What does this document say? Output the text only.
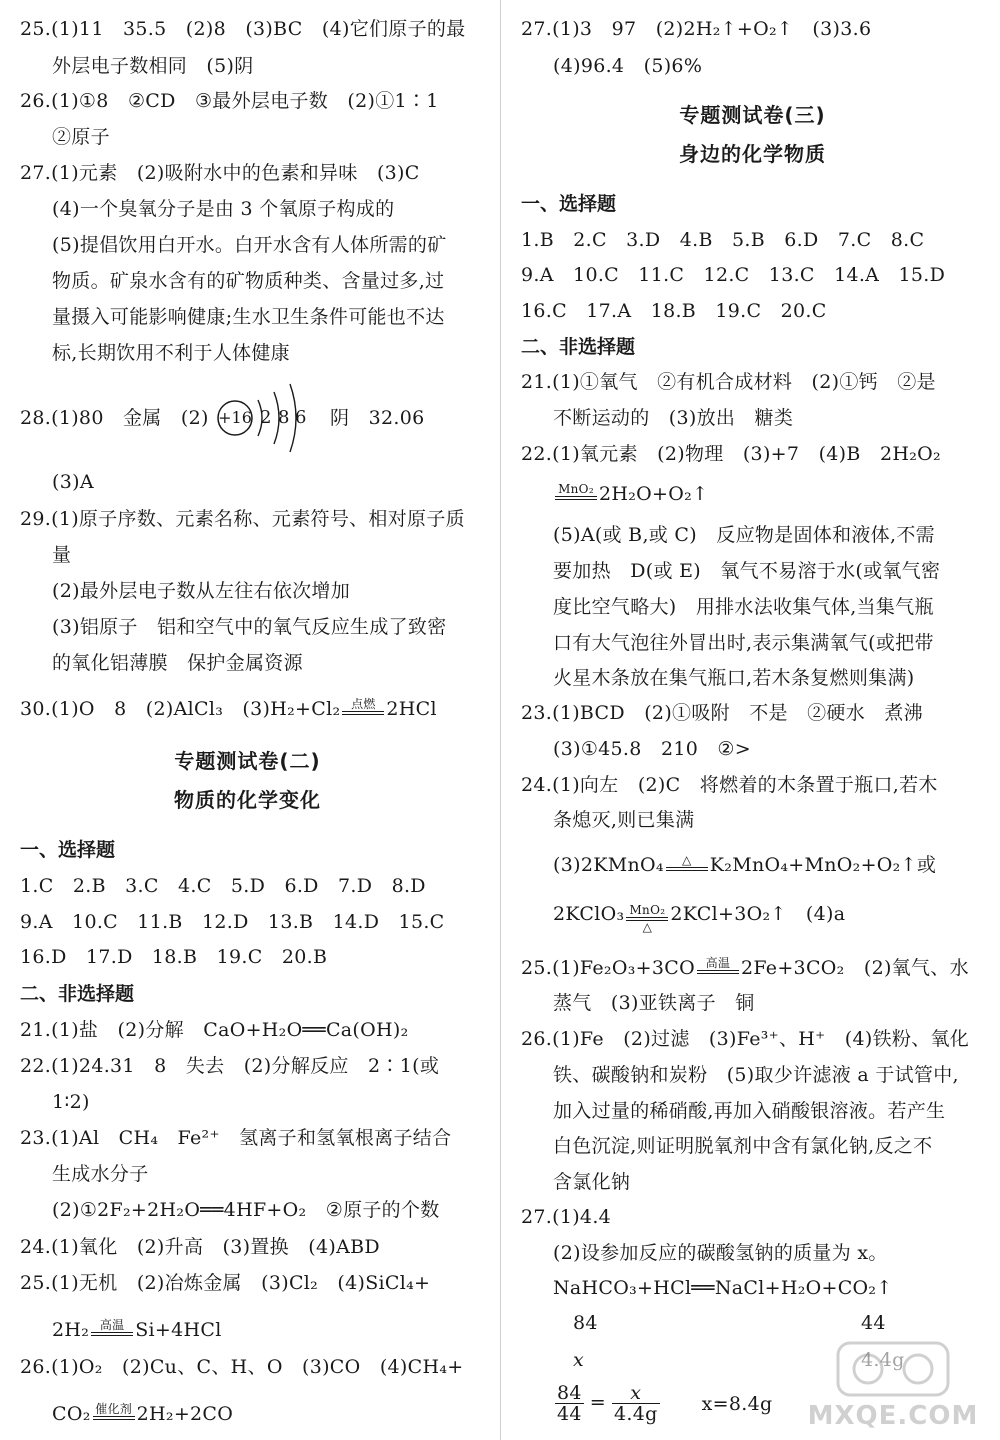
25.(1)11　35.5　(2)8　(3)BC　(4)它们原子的最
外层电子数相同　(5)阴
26.(1)①8　②CD　③最外层电子数　(2)①1∶1
②原子
27.(1)元素　(2)吸附水中的色素和异味　(3)C
(4)一个臭氧分子是由 3 个氧原子构成的
(5)提倡饮用白开水。白开水含有人体所需的矿
物质。矿泉水含有的矿物质种类、含量过多,过
量摄入可能影响健康;生水卫生条件可能也不达
标,长期饮用不利于人体健康
28.(1)80　金属　(2) +16 2 8 6 阴　32.06
(3)A
29.(1)原子序数、元素名称、元素符号、相对原子质
量
(2)最外层电子数从左往右依次增加
(3)铝原子　铝和空气中的氧气反应生成了致密
的氧化铝薄膜　保护金属资源
30.(1)O　8　(2)AlCl₃　(3)H₂+Cl₂ 点燃 2HCl
专题测试卷(二)
物质的化学变化
一、选择题
1.C　2.B　3.C　4.C　5.D　6.D　7.D　8.D
9.A　10.C　11.B　12.D　13.B　14.D　15.C
16.D　17.D　18.B　19.C　20.B
二、非选择题
21.(1)盐　(2)分解　CaO+H₂O══Ca(OH)₂
22.(1)24.31　8　失去　(2)分解反应　2∶1(或
1∶2)
23.(1)Al　CH₄　Fe²⁺　氢离子和氢氧根离子结合
生成水分子
(2)①2F₂+2H₂O══4HF+O₂　②原子的个数
24.(1)氧化　(2)升高　(3)置换　(4)ABD
25.(1)无机　(2)冶炼金属　(3)Cl₂　(4)SiCl₄+
2H₂ 高温 Si+4HCl
26.(1)O₂　(2)Cu、C、H、O　(3)CO　(4)CH₄+
CO₂ 催化剂 2H₂+2CO
27.(1)3　97　(2)2H₂↑+O₂↑　(3)3.6
(4)96.4　(5)6%
专题测试卷(三)
身边的化学物质
一、选择题
1.B　2.C　3.D　4.B　5.B　6.D　7.C　8.C
9.A　10.C　11.C　12.C　13.C　14.A　15.D
16.C　17.A　18.B　19.C　20.C
二、非选择题
21.(1)①氧气　②有机合成材料　(2)①钙　②是
不断运动的　(3)放出　糖类
22.(1)氧元素　(2)物理　(3)+7　(4)B　2H₂O₂
MnO₂ 2H₂O+O₂↑
(5)A(或 B,或 C)　反应物是固体和液体,不需
要加热　D(或 E)　氧气不易溶于水(或氧气密
度比空气略大)　用排水法收集气体,当集气瓶
口有大气泡往外冒出时,表示集满氧气(或把带
火星木条放在集气瓶口,若木条复燃则集满)
23.(1)BCD　(2)①吸附　不是　②硬水　煮沸
(3)①45.8　210　②>
24.(1)向左　(2)C　将燃着的木条置于瓶口,若木
条熄灭,则已集满
(3)2KMnO₄	△ K₂MnO₄+MnO₂+O₂↑或
2KClO₃ MnO₂
△
2KCl+3O₂↑　(4)a
25.(1)Fe₂O₃+3CO 高温 2Fe+3CO₂　(2)氧气、水
蒸气　(3)亚铁离子　铜
26.(1)Fe　(2)过滤　(3)Fe³⁺、H⁺　(4)铁粉、氧化
铁、碳酸钠和炭粉　(5)取少许滤液 a 于试管中,
加入过量的稀硝酸,再加入硝酸银溶液。若产生
白色沉淀,则证明脱氧剂中含有氯化钠,反之不
含氯化钠
27.(1)4.4
(2)设参加反应的碳酸氢钠的质量为 x。
NaHCO₃+HCl══NaCl+H₂O+CO₂↑
84	44
x	4.4g
$\frac{84}{44} = \frac{x}{4.4g} x=8.4g$	MXQE.COM
